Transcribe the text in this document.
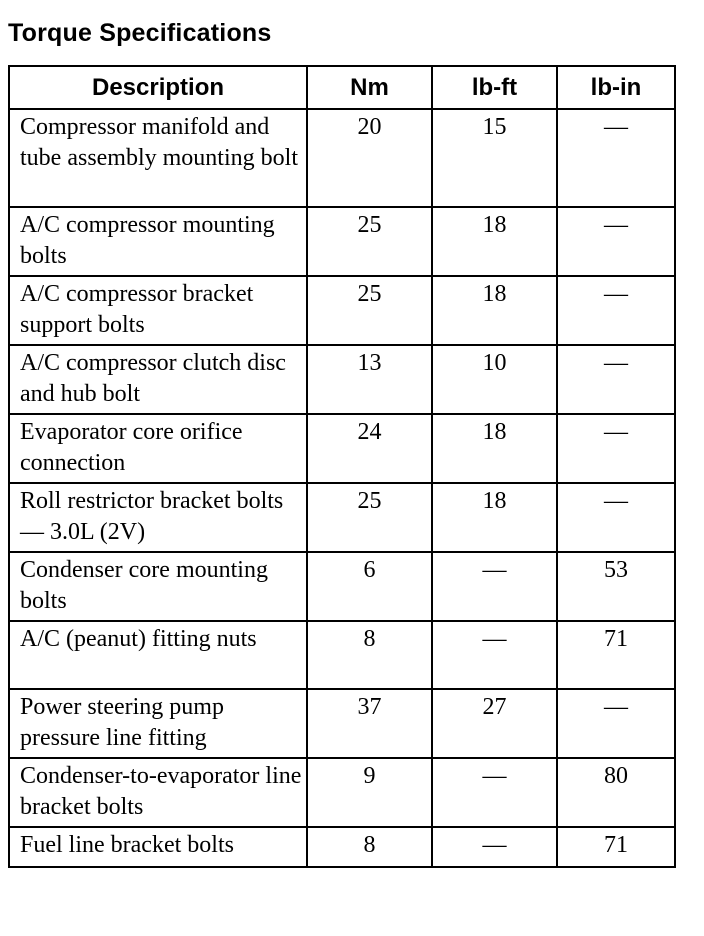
Torque Specifications
Description	Nm	lb-ft	lb-in
Compressor manifold and tube assembly mounting bolt	20	15	—
A/C compressor mounting bolts	25	18	—
A/C compressor bracket support bolts	25	18	—
A/C compressor clutch disc and hub bolt	13	10	—
Evaporator core orifice connection	24	18	—
Roll restrictor bracket bolts — 3.0L (2V)	25	18	—
Condenser core mounting bolts	6	—	53
A/C (peanut) fitting nuts	8	—	71
Power steering pump pressure line fitting	37	27	—
Condenser-to-evaporator line bracket bolts	9	—	80
Fuel line bracket bolts	8	—	71
